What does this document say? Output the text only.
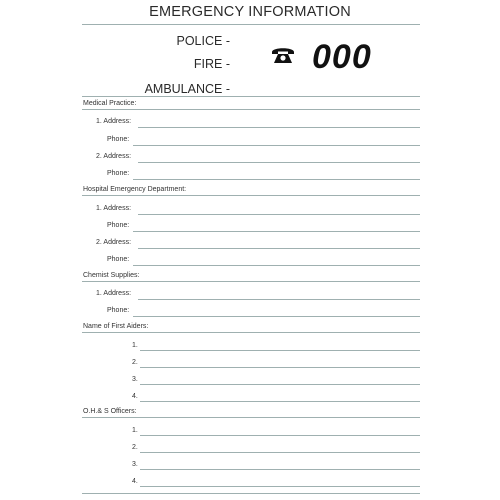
EMERGENCY INFORMATION
POLICE -
FIRE -
AMBULANCE -
000
Medical Practice:
1. Address:
Phone:
2. Address:
Phone:
Hospital Emergency Department:
1. Address:
Phone:
2. Address:
Phone:
Chemist Supplies:
1. Address:
Phone:
Name of First Aiders:
1.
2.
3.
4.
O.H.& S Officers:
1.
2.
3.
4.
